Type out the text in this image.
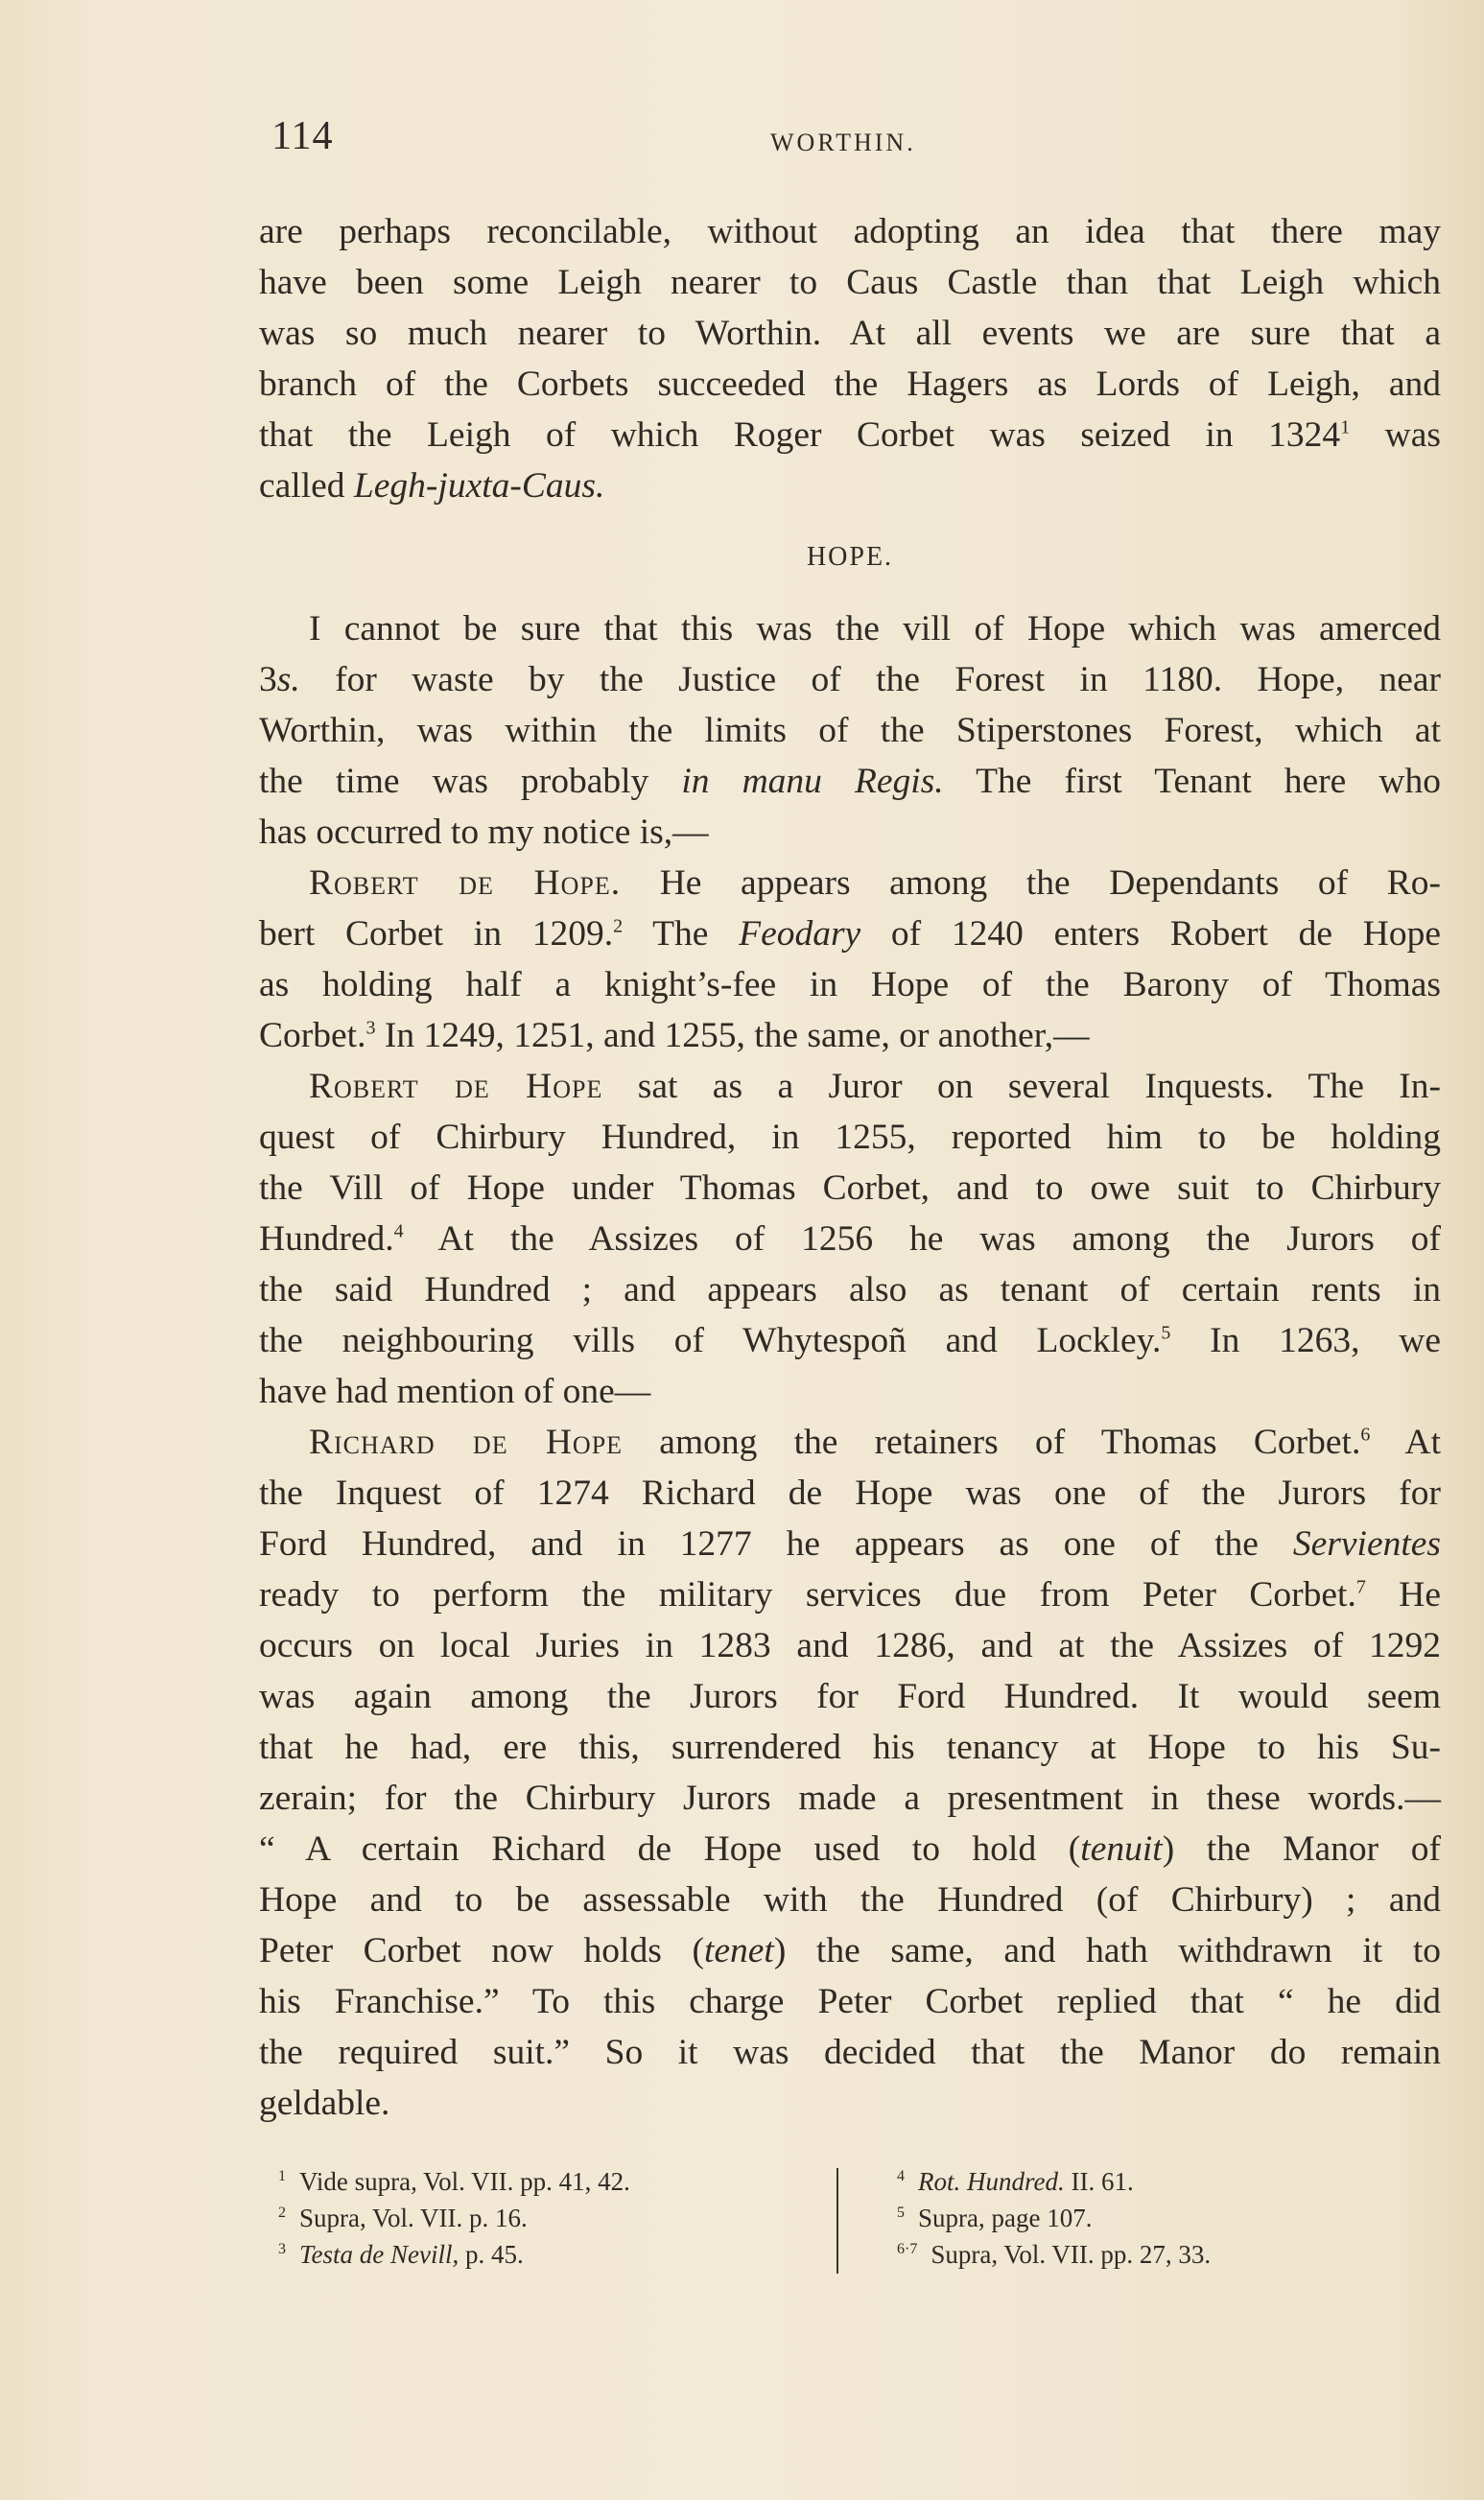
114	WORTHIN.
are perhaps reconcilable, without adopting an idea that there may
have been some Leigh nearer to Caus Castle than that Leigh which
was so much nearer to Worthin. At all events we are sure that a
branch of the Corbets succeeded the Hagers as Lords of Leigh, and
that the Leigh of which Roger Corbet was seized in 1324$^1$ was
called Legh-juxta-Caus.
HOPE.
I cannot be sure that this was the vill of Hope which was amerced
3s. for waste by the Justice of the Forest in 1180. Hope, near
Worthin, was within the limits of the Stiperstones Forest, which at
the time was probably in manu Regis. The first Tenant here who
has occurred to my notice is,—
Robert de Hope. He appears among the Dependants of Ro-
bert Corbet in 1209.$^2$ The Feodary of 1240 enters Robert de Hope
as holding half a knight’s-fee in Hope of the Barony of Thomas
Corbet.$^3$ In 1249, 1251, and 1255, the same, or another,—
Robert de Hope sat as a Juror on several Inquests. The In-
quest of Chirbury Hundred, in 1255, reported him to be holding
the Vill of Hope under Thomas Corbet, and to owe suit to Chirbury
Hundred.$^4$ At the Assizes of 1256 he was among the Jurors of
the said Hundred ; and appears also as tenant of certain rents in
the neighbouring vills of Whytespoñ and Lockley.$^5$ In 1263, we
have had mention of one—
Richard de Hope among the retainers of Thomas Corbet.$^6$ At
the Inquest of 1274 Richard de Hope was one of the Jurors for
Ford Hundred, and in 1277 he appears as one of the Servientes
ready to perform the military services due from Peter Corbet.$^7$ He
occurs on local Juries in 1283 and 1286, and at the Assizes of 1292
was again among the Jurors for Ford Hundred. It would seem
that he had, ere this, surrendered his tenancy at Hope to his Su-
zerain; for the Chirbury Jurors made a presentment in these words.—
“ A certain Richard de Hope used to hold (tenuit) the Manor of
Hope and to be assessable with the Hundred (of Chirbury) ; and
Peter Corbet now holds (tenet) the same, and hath withdrawn it to
his Franchise.” To this charge Peter Corbet replied that “ he did
the required suit.” So it was decided that the Manor do remain
geldable.
$^1$ Vide supra, Vol. VII. pp. 41, 42.
$^2$ Supra, Vol. VII. p. 16.
$^3$ Testa de Nevill, p. 45.
$^4$ Rot. Hundred. II. 61.
$^5$ Supra, page 107.
$^{6\cdot 7}$ Supra, Vol. VII. pp. 27, 33.
